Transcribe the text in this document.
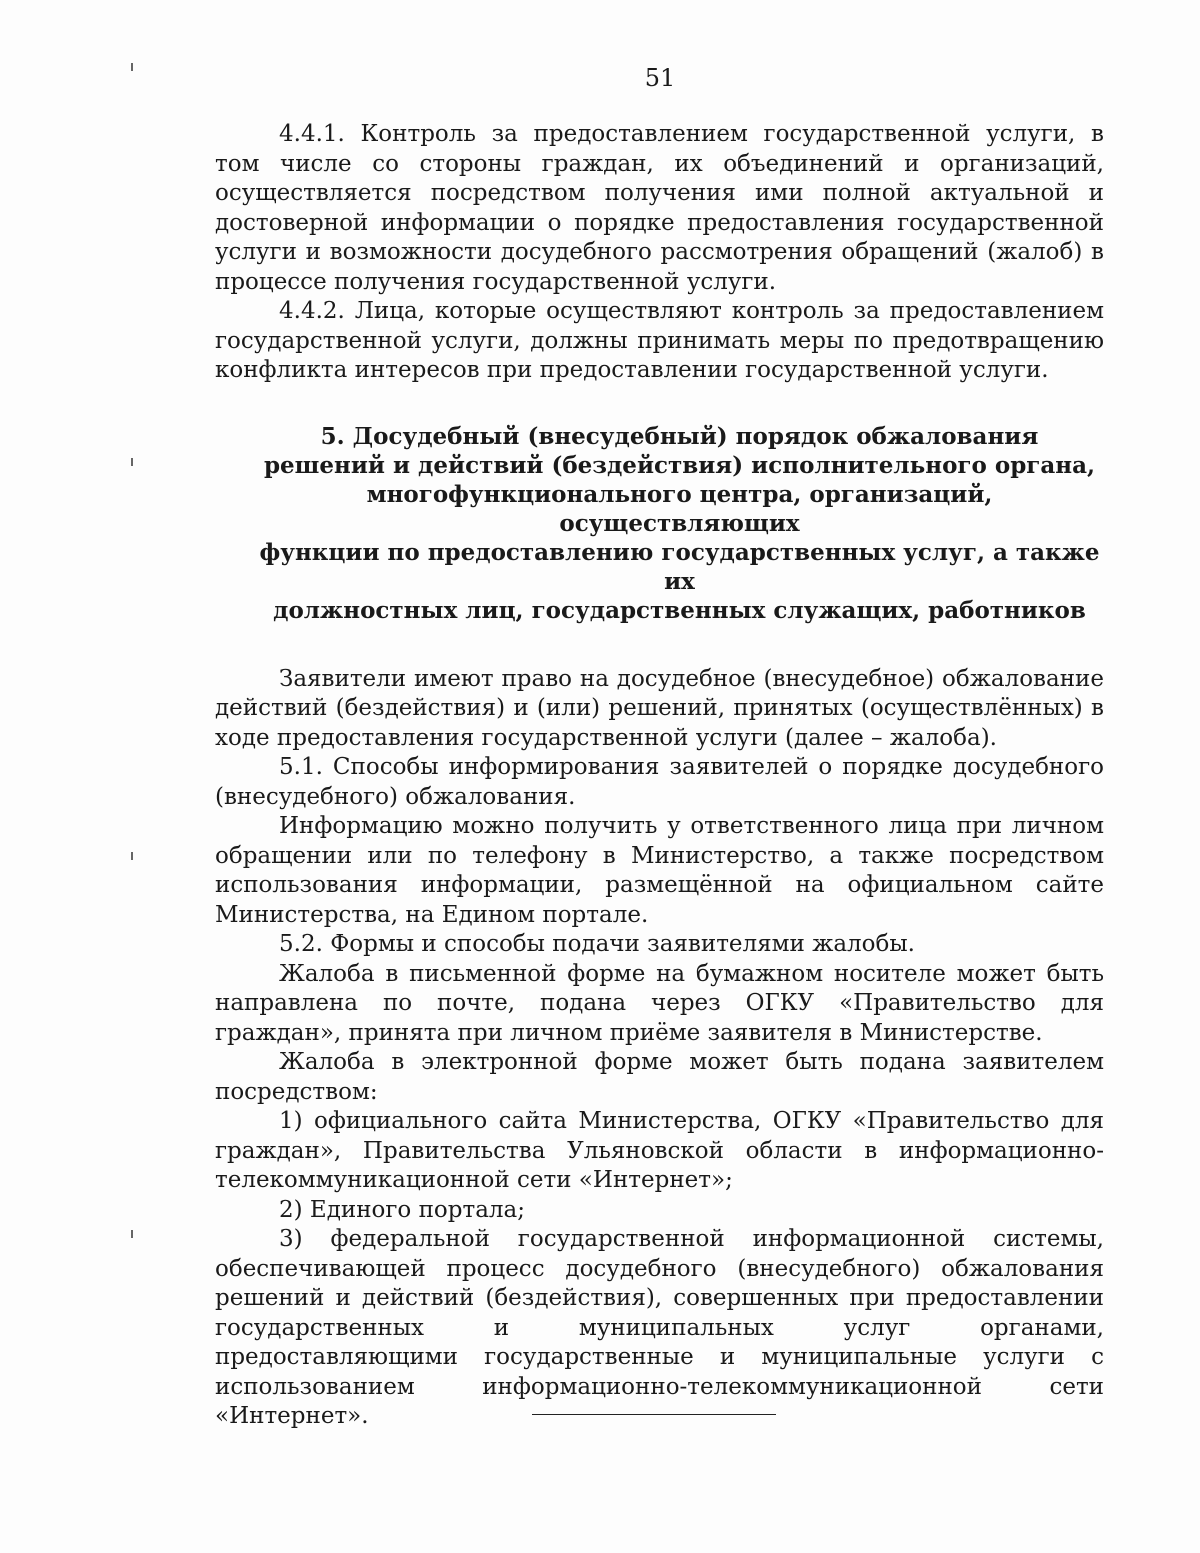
51

4.4.1. Контроль за предоставлением государственной услуги, в том числе со стороны граждан, их объединений и организаций, осуществляется посредством получения ими полной актуальной и достоверной информации о порядке предоставления государственной услуги и возможности досудебного рассмотрения обращений (жалоб) в процессе получения государственной услуги.

4.4.2. Лица, которые осуществляют контроль за предоставлением государственной услуги, должны принимать меры по предотвращению конфликта интересов при предоставлении государственной услуги.

5. Досудебный (внесудебный) порядок обжалования
решений и действий (бездействия) исполнительного органа,
многофункционального центра, организаций, осуществляющих
функции по предоставлению государственных услуг, а также их
должностных лиц, государственных служащих, работников

Заявители имеют право на досудебное (внесудебное) обжалование действий (бездействия) и (или) решений, принятых (осуществлённых) в ходе предоставления государственной услуги (далее – жалоба).

5.1. Способы информирования заявителей о порядке досудебного (внесудебного) обжалования.

Информацию можно получить у ответственного лица при личном обращении или по телефону в Министерство, а также посредством использования информации, размещённой на официальном сайте Министерства, на Едином портале.

5.2. Формы и способы подачи заявителями жалобы.

Жалоба в письменной форме на бумажном носителе может быть направлена по почте, подана через ОГКУ «Правительство для граждан», принята при личном приёме заявителя в Министерстве.

Жалоба в электронной форме может быть подана заявителем посредством:

1) официального сайта Министерства, ОГКУ «Правительство для граждан», Правительства Ульяновской области в информационно-телекоммуникационной сети «Интернет»;

2) Единого портала;

3) федеральной государственной информационной системы, обеспечивающей процесс досудебного (внесудебного) обжалования решений и действий (бездействия), совершенных при предоставлении государственных и муниципальных услуг органами, предоставляющими государственные и муниципальные услуги с использованием информационно-телекоммуникационной сети «Интернет».
